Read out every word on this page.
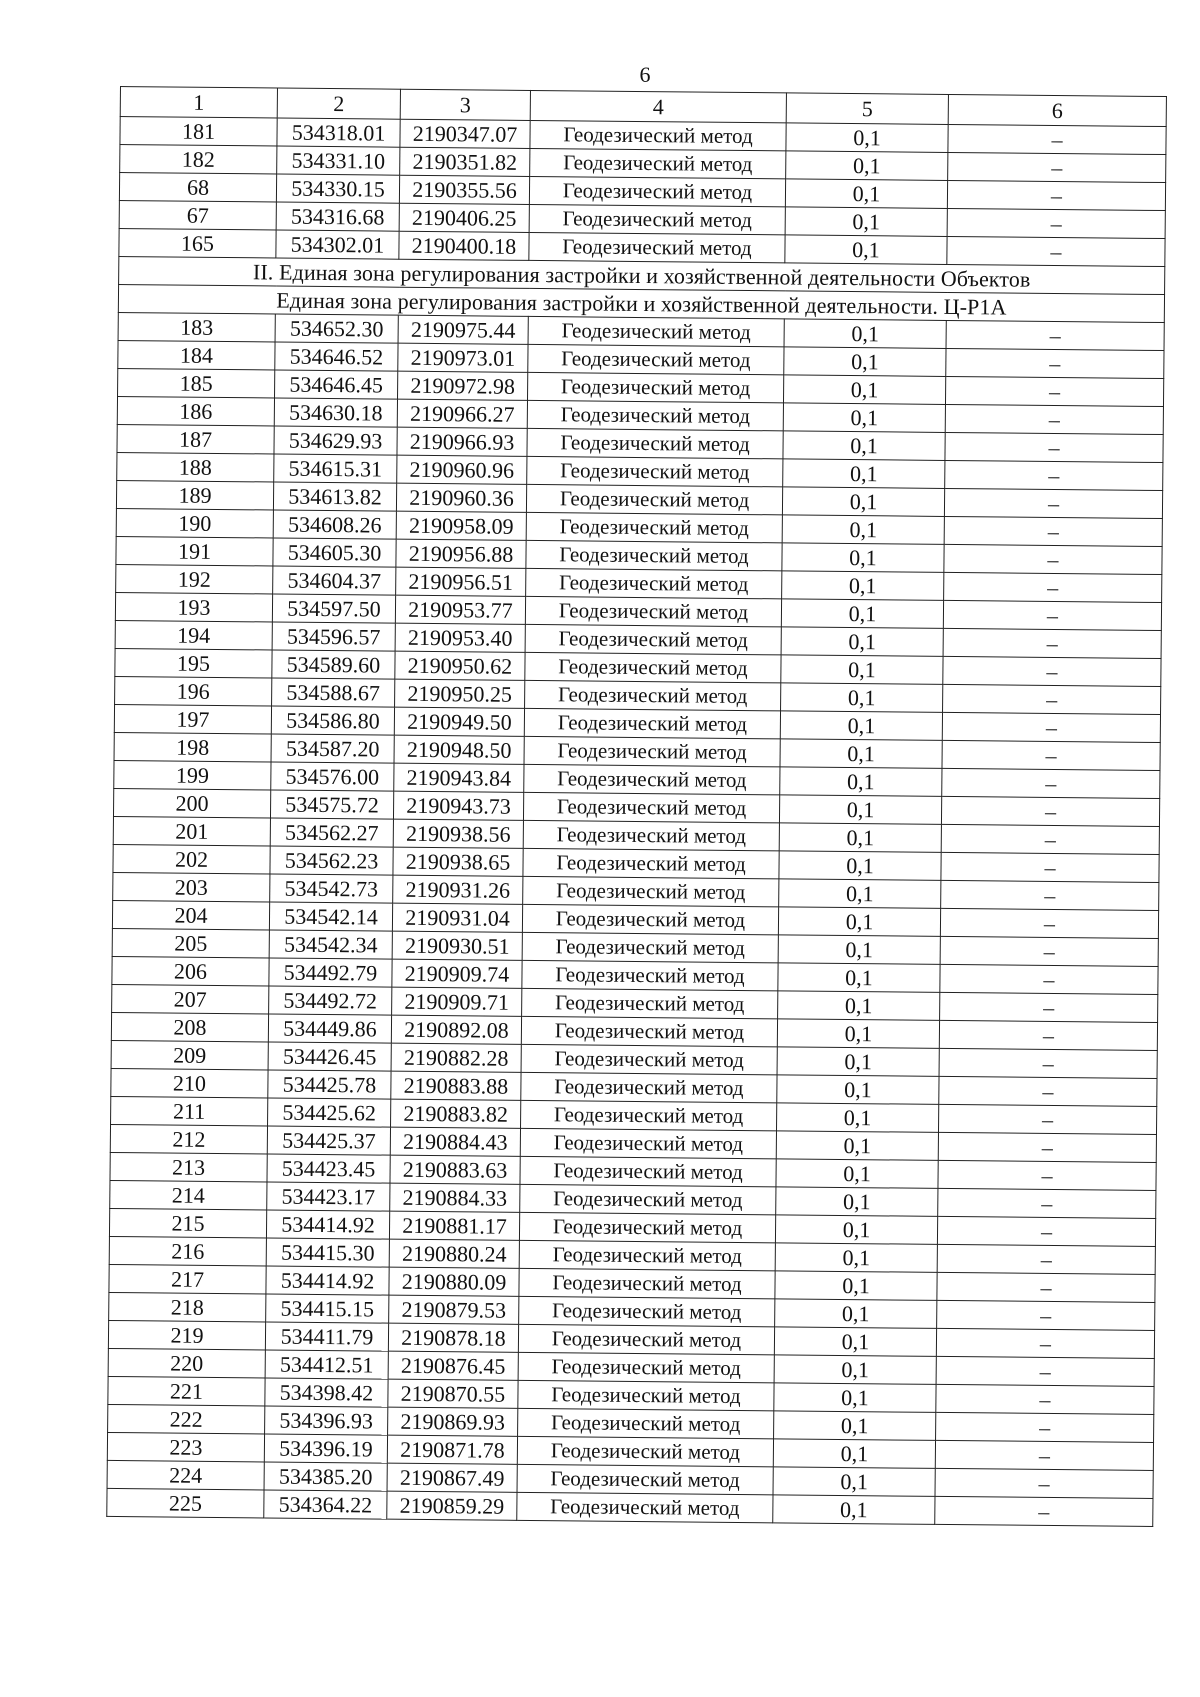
6
1	2	3	4	5	6
181	534318.01	2190347.07	Геодезический метод	0,1	–
182	534331.10	2190351.82	Геодезический метод	0,1	–
68	534330.15	2190355.56	Геодезический метод	0,1	–
67	534316.68	2190406.25	Геодезический метод	0,1	–
165	534302.01	2190400.18	Геодезический метод	0,1	–
II. Единая зона регулирования застройки и хозяйственной деятельности Объектов					
Единая зона регулирования застройки и хозяйственной деятельности. Ц-Р1А					
183	534652.30	2190975.44	Геодезический метод	0,1	–
184	534646.52	2190973.01	Геодезический метод	0,1	–
185	534646.45	2190972.98	Геодезический метод	0,1	–
186	534630.18	2190966.27	Геодезический метод	0,1	–
187	534629.93	2190966.93	Геодезический метод	0,1	–
188	534615.31	2190960.96	Геодезический метод	0,1	–
189	534613.82	2190960.36	Геодезический метод	0,1	–
190	534608.26	2190958.09	Геодезический метод	0,1	–
191	534605.30	2190956.88	Геодезический метод	0,1	–
192	534604.37	2190956.51	Геодезический метод	0,1	–
193	534597.50	2190953.77	Геодезический метод	0,1	–
194	534596.57	2190953.40	Геодезический метод	0,1	–
195	534589.60	2190950.62	Геодезический метод	0,1	–
196	534588.67	2190950.25	Геодезический метод	0,1	–
197	534586.80	2190949.50	Геодезический метод	0,1	–
198	534587.20	2190948.50	Геодезический метод	0,1	–
199	534576.00	2190943.84	Геодезический метод	0,1	–
200	534575.72	2190943.73	Геодезический метод	0,1	–
201	534562.27	2190938.56	Геодезический метод	0,1	–
202	534562.23	2190938.65	Геодезический метод	0,1	–
203	534542.73	2190931.26	Геодезический метод	0,1	–
204	534542.14	2190931.04	Геодезический метод	0,1	–
205	534542.34	2190930.51	Геодезический метод	0,1	–
206	534492.79	2190909.74	Геодезический метод	0,1	–
207	534492.72	2190909.71	Геодезический метод	0,1	–
208	534449.86	2190892.08	Геодезический метод	0,1	–
209	534426.45	2190882.28	Геодезический метод	0,1	–
210	534425.78	2190883.88	Геодезический метод	0,1	–
211	534425.62	2190883.82	Геодезический метод	0,1	–
212	534425.37	2190884.43	Геодезический метод	0,1	–
213	534423.45	2190883.63	Геодезический метод	0,1	–
214	534423.17	2190884.33	Геодезический метод	0,1	–
215	534414.92	2190881.17	Геодезический метод	0,1	–
216	534415.30	2190880.24	Геодезический метод	0,1	–
217	534414.92	2190880.09	Геодезический метод	0,1	–
218	534415.15	2190879.53	Геодезический метод	0,1	–
219	534411.79	2190878.18	Геодезический метод	0,1	–
220	534412.51	2190876.45	Геодезический метод	0,1	–
221	534398.42	2190870.55	Геодезический метод	0,1	–
222	534396.93	2190869.93	Геодезический метод	0,1	–
223	534396.19	2190871.78	Геодезический метод	0,1	–
224	534385.20	2190867.49	Геодезический метод	0,1	–
225	534364.22	2190859.29	Геодезический метод	0,1	–
